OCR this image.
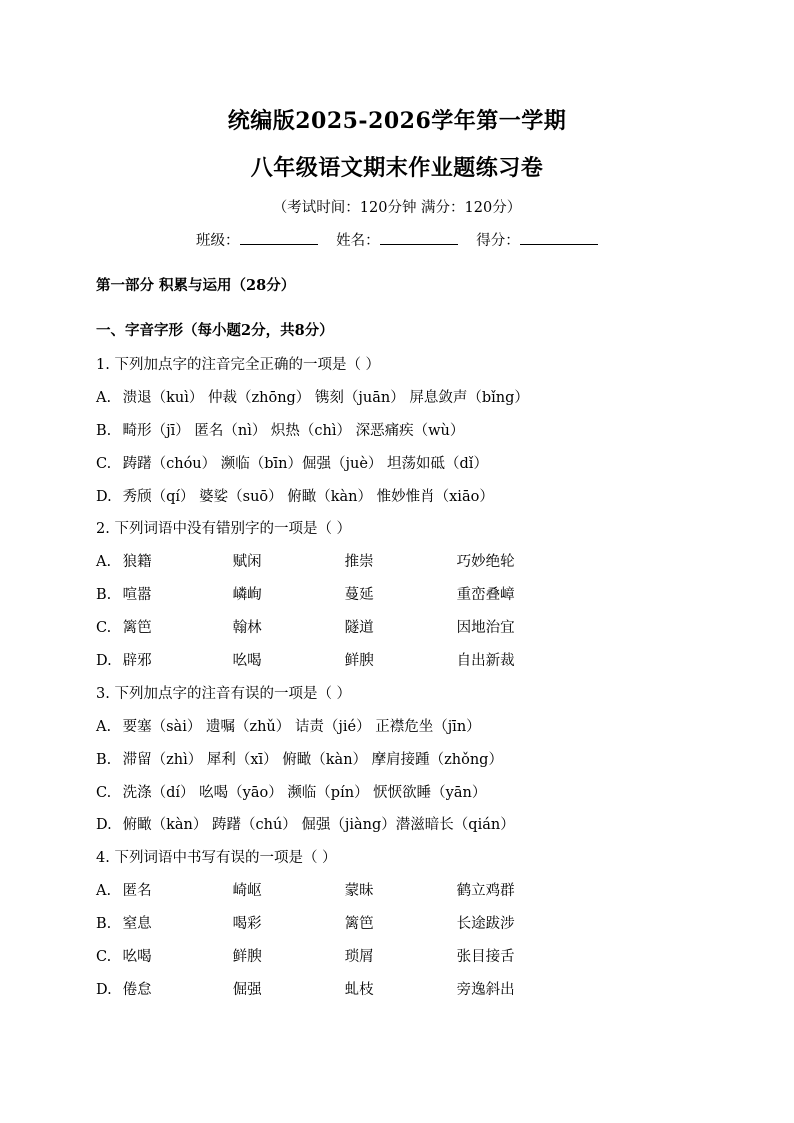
统编版2025-2026学年第一学期
八年级语文期末作业题练习卷
（考试时间：120分钟 满分：120分）
班级：	姓名：	得分：
第一部分 积累与运用（28分）
一、字音字形（每小题2分，共8分）
1. 下列加点字的注音完全正确的一项是（ ）
A. 溃退（kuì） 仲裁（zhōng） 镌刻（juān） 屏息敛声（bǐng）
B. 畸形（jī） 匿名（nì） 炽热（chì） 深恶痛疾（wù）
C. 踌躇（chóu） 濒临（bīn）倔强（juè） 坦荡如砥（dǐ）
D. 秀颀（qí） 婆娑（suō） 俯瞰（kàn） 惟妙惟肖（xiāo）
2. 下列词语中没有错别字的一项是（ ）
A. 狼籍	赋闲	推崇	巧妙绝轮
B. 喧嚣	嶙峋	蔓延	重峦叠嶂
C. 篱笆	翰林	隧道	因地治宜
D. 辟邪	吆喝	鲜腴	自出新裁
3. 下列加点字的注音有误的一项是（ ）
A. 要塞（sài） 遗嘱（zhǔ） 诘责（jié） 正襟危坐（jīn）
B. 滞留（zhì） 犀利（xī） 俯瞰（kàn） 摩肩接踵（zhǒng）
C. 洗涤（dí） 吆喝（yāo） 濒临（pín） 恹恹欲睡（yān）
D. 俯瞰（kàn） 踌躇（chú） 倔强（jiàng）潜滋暗长（qián）
4. 下列词语中书写有误的一项是（ ）
A. 匿名	崎岖	蒙昧	鹤立鸡群
B. 窒息	喝彩	篱笆	长途跋涉
C. 吆喝	鲜腴	琐屑	张目接舌
D. 倦怠	倔强	虬枝	旁逸斜出
